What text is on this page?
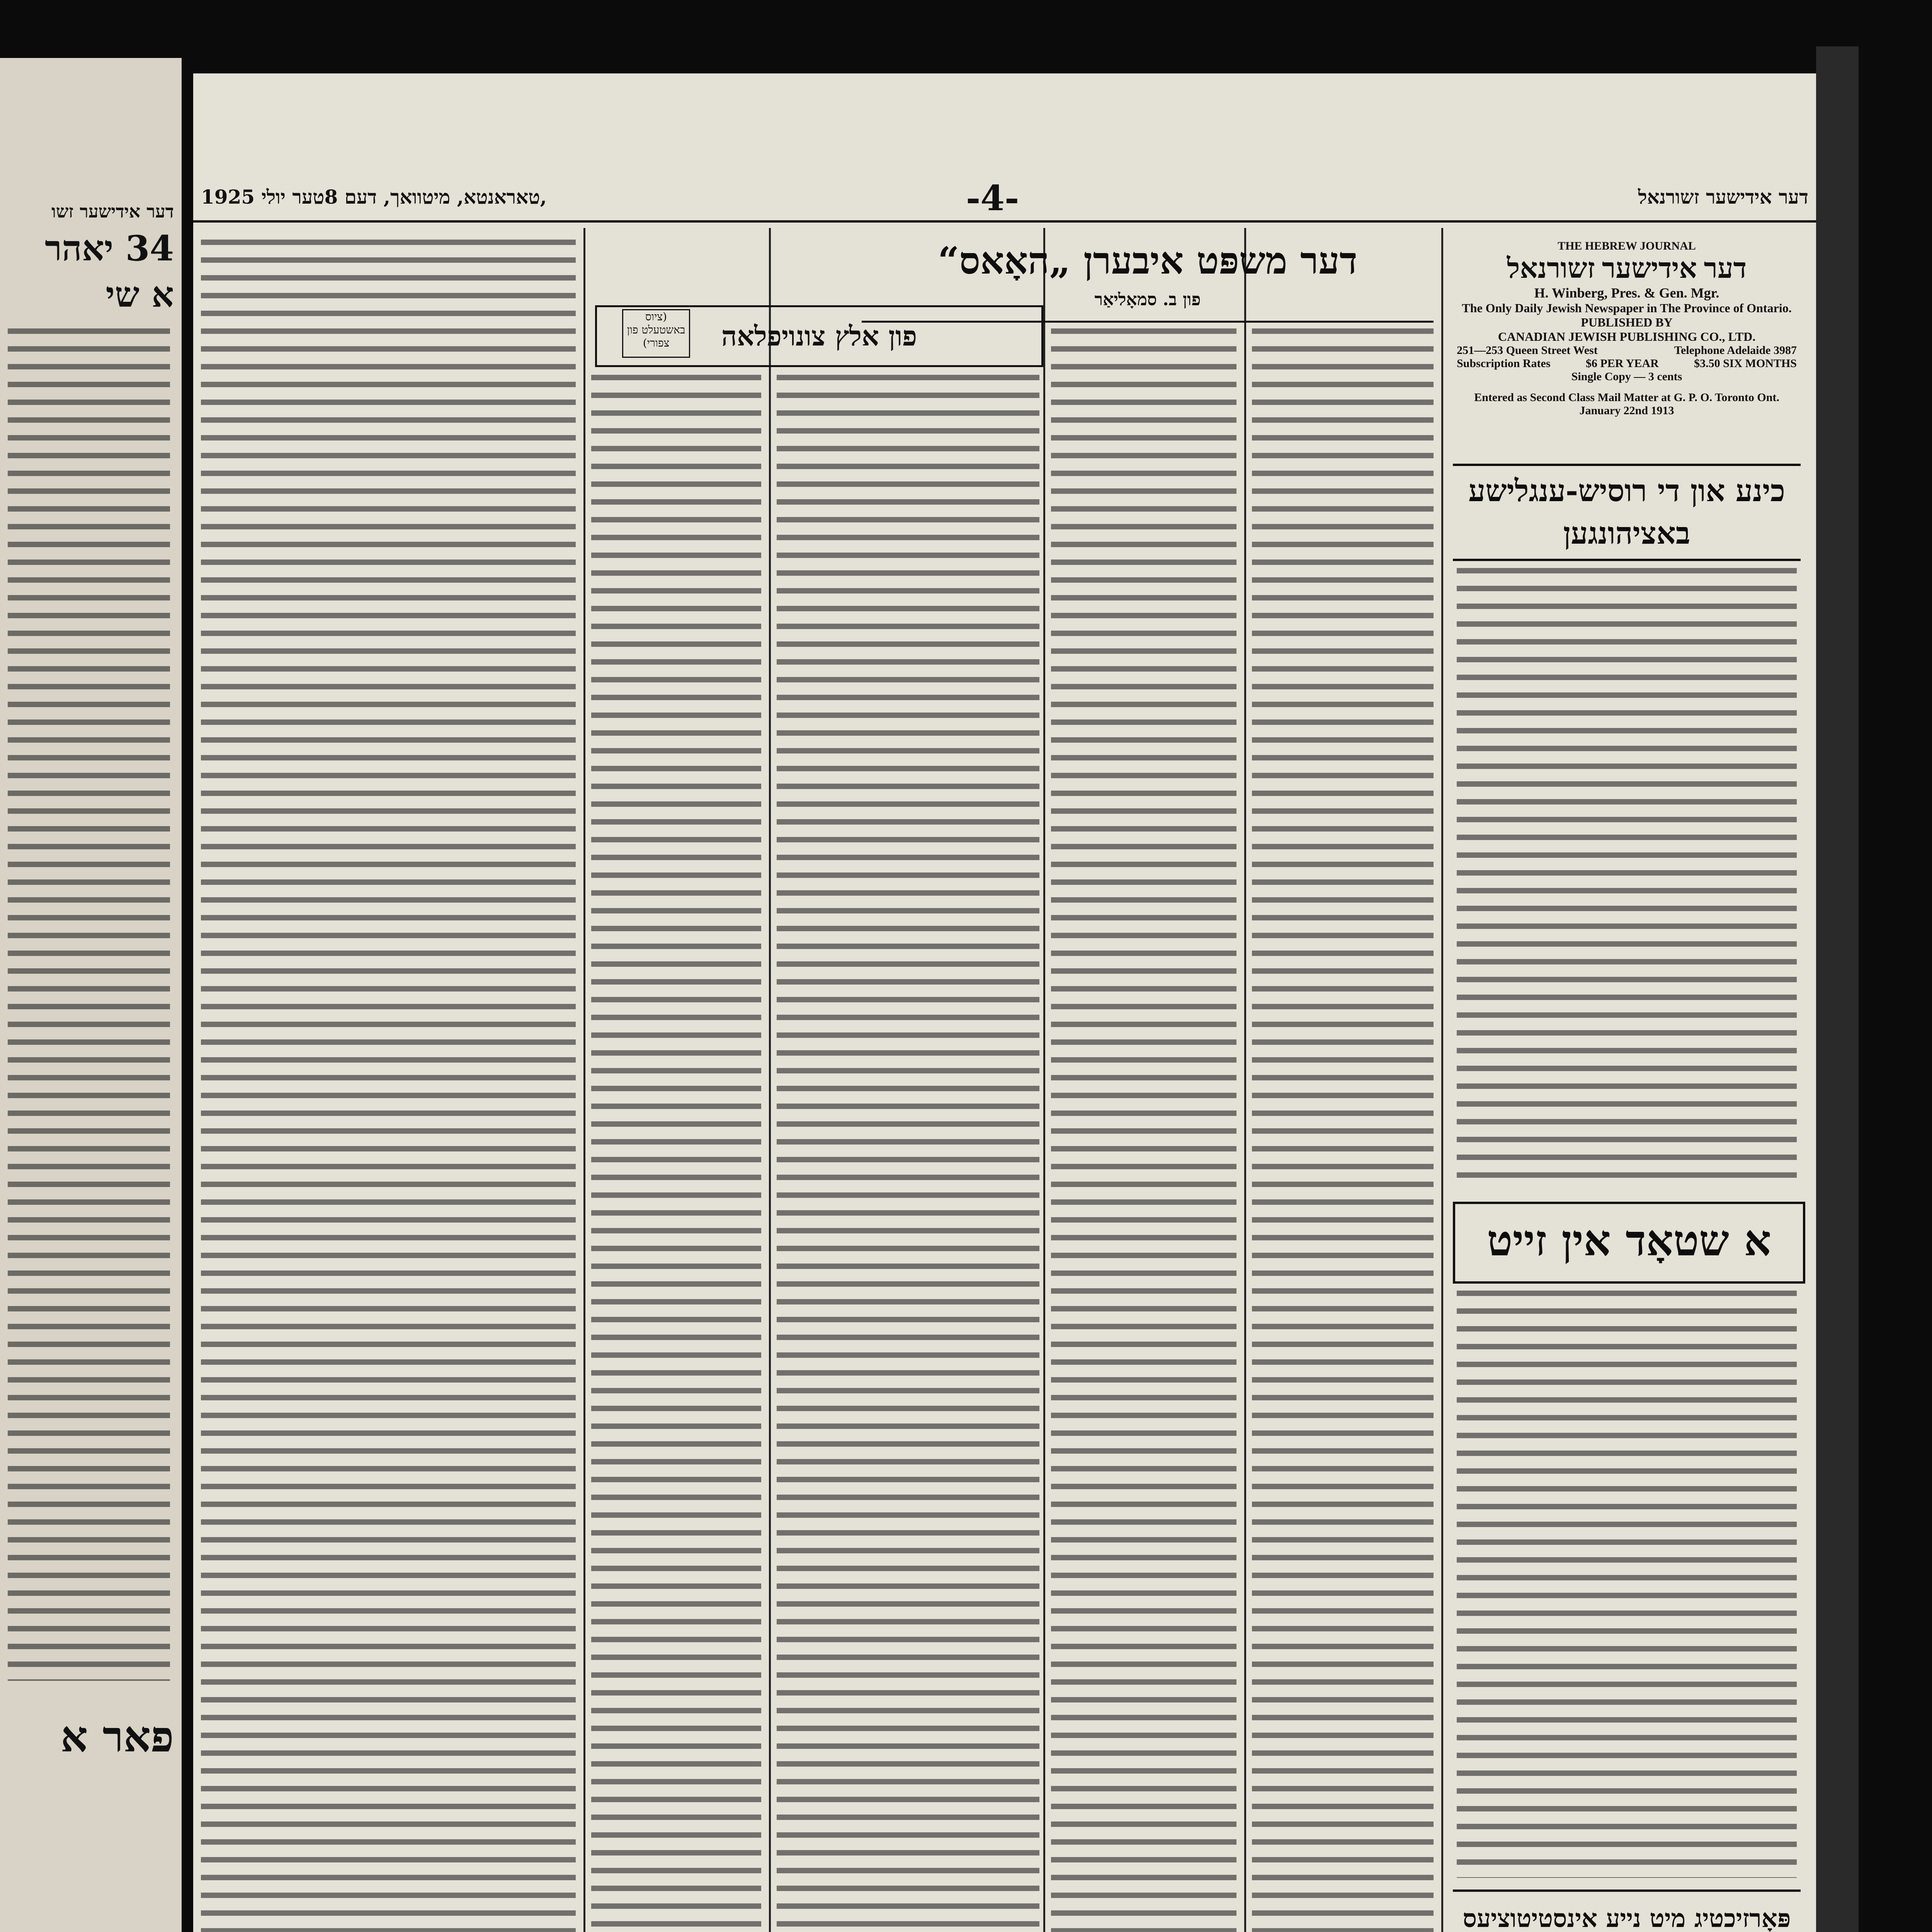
דער אידישער זשו
34 יאהר
א שי
פאר א
1925 טאראנטא, מיטוואך, דעם 8טער יולי,	-4-	דער אידישער זשורנאל
THE HEBREW JOURNAL
דער אידישער זשורנאל
H. Winberg, Pres. & Gen. Mgr.
The Only Daily Jewish Newspaper in The Province of Ontario.
PUBLISHED BY
CANADIAN JEWISH PUBLISHING CO., LTD.
251—253 Queen Street West	Telephone Adelaide 3987
Subscription Rates	$6 PER YEAR	$3.50 SIX MONTHS
Single Copy — 3 cents
Entered as Second Class Mail Matter at G. P. O. Toronto Ont.
January 22nd 1913
כינע און די רוסיש-ענגלישע באציהונגען
א שטאָד אין זייט
פּאָרזיכטיג מיט נייע אינסטיטוציעס
דער משפּט איבערן „האָאס“
פון ב. סמאָליאַר
פון אלץ צונויפלאה
(ציוס באשטעלט פון צפורי)
